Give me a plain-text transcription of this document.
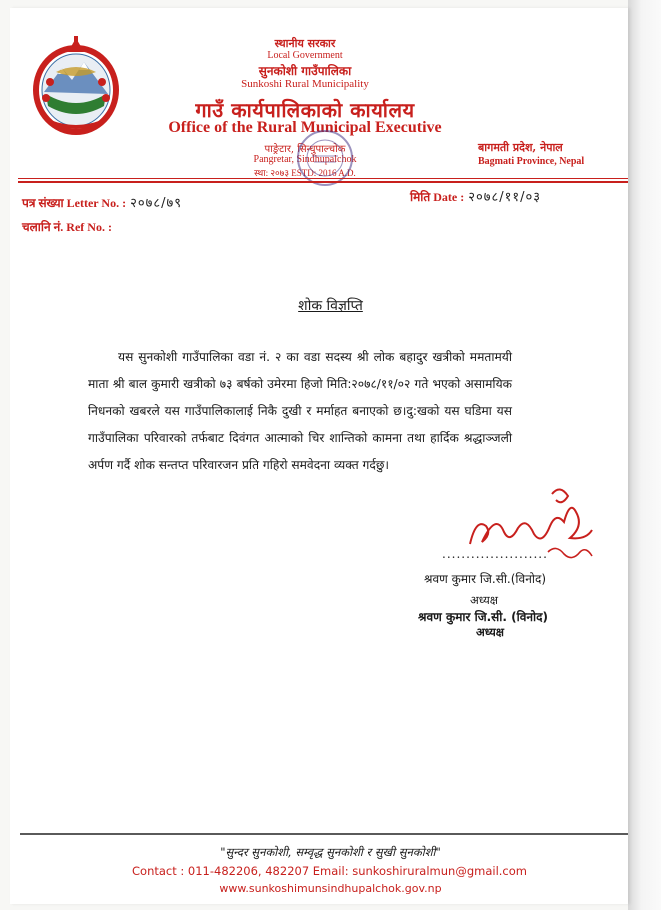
स्थानीय सरकार
Local Government
सुनकोशी गाउँपालिका
Sunkoshi Rural Municipality
गाउँ कार्यपालिकाको कार्यालय
Office of the Rural Municipal Executive
पाङ्रेटार, सिन्धुपाल्चोक
Pangretar, Sindhupalchok
स्था: २०७३ ESTD: 2016 A.D.
बागमती प्रदेश, नेपाल
Bagmati Province, Nepal
पत्र संख्या Letter No. : २०७८/७९	मिति Date : २०७८/११/०३
चलानि नं. Ref No. :
शोक विज्ञप्ति
यस सुनकोशी गाउँपालिका वडा नं. २ का वडा सदस्य श्री लोक बहादुर खत्रीको ममतामयी माता श्री बाल कुमारी खत्रीको ७३ बर्षको उमेरमा हिजो मिति:२०७८/११/०२ गते भएको असामयिक निधनको खबरले यस गाउँपालिकालाई निकै दुखी र मर्माहत बनाएको छ।दु:खको यस घडिमा यस गाउँपालिका परिवारको तर्फबाट दिवंगत आत्माको चिर शान्तिको कामना तथा हार्दिक श्रद्धाञ्जली अर्पण गर्दै शोक सन्तप्त परिवारजन प्रति गहिरो समवेदना व्यक्त गर्दछु।
......................
श्रवण कुमार जि.सी.(विनोद)
अध्यक्ष
श्रवण कुमार जि.सी. (विनोद)
अध्यक्ष
"सुन्दर सुनकोशी, सम्वृद्ध सुनकोशी र सुखी सुनकोशी"
Contact : 011-482206, 482207 Email: sunkoshiruralmun@gmail.com
www.sunkoshimunsindhupalchok.gov.np
